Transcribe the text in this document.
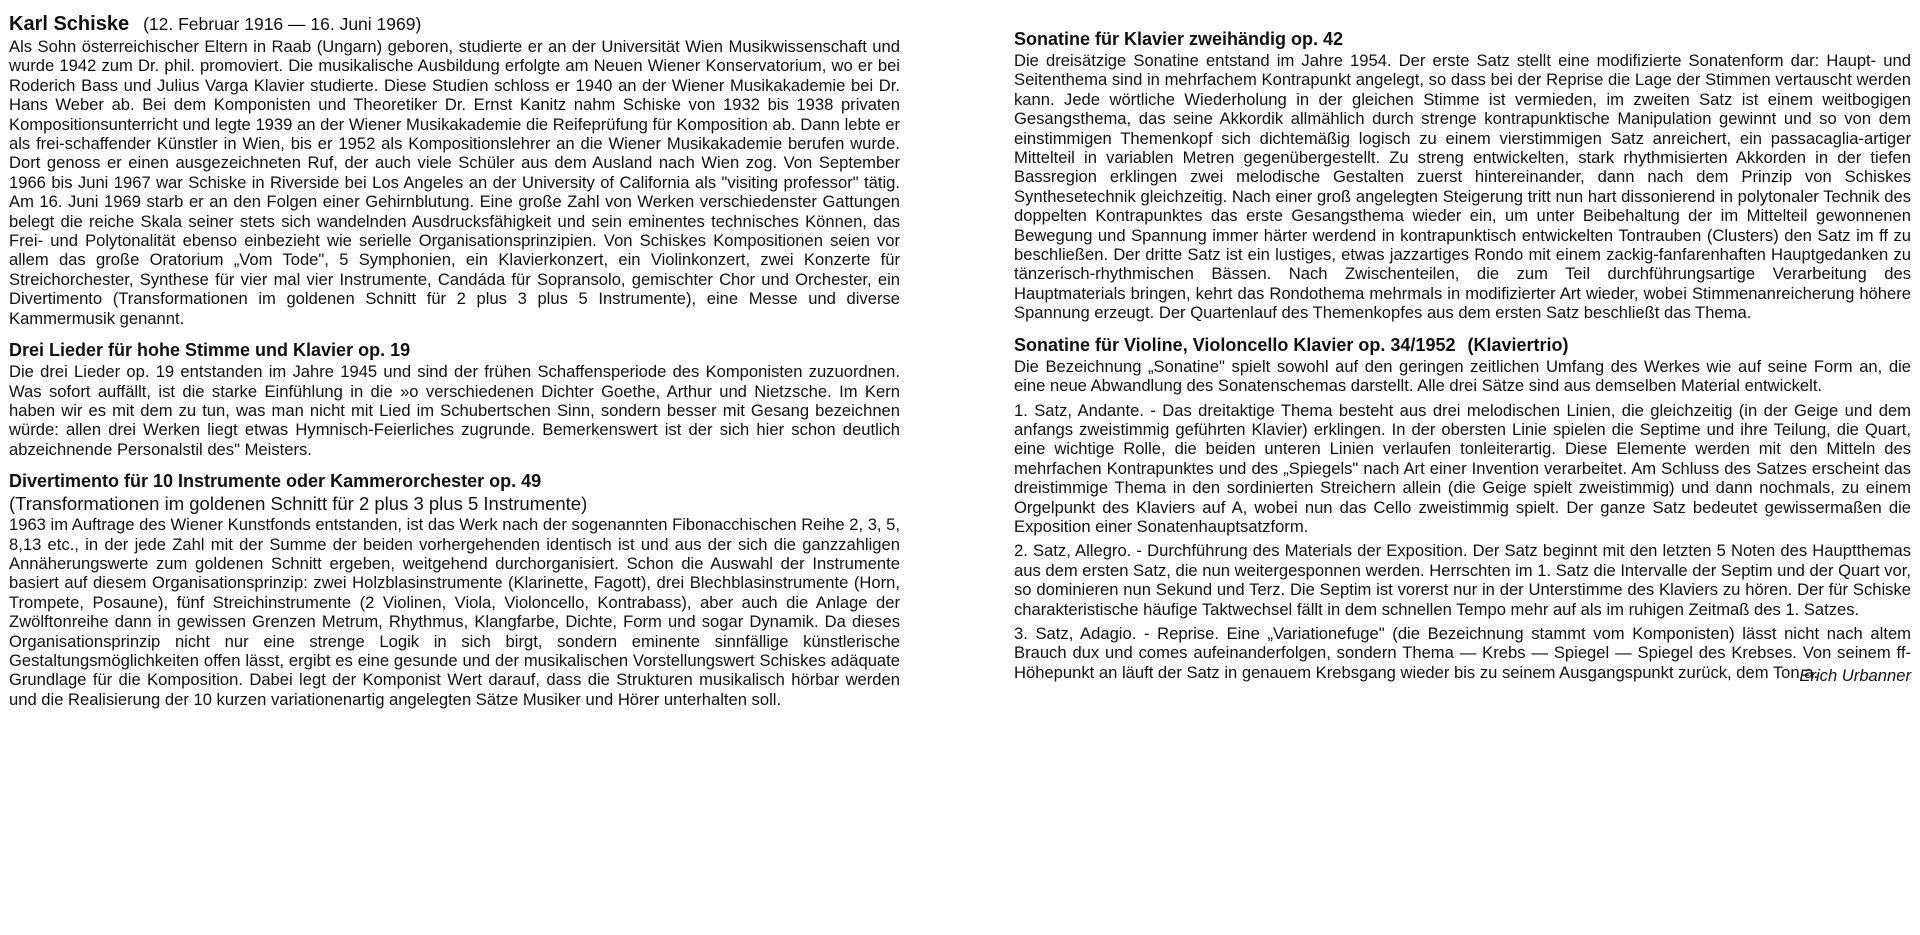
Karl Schiske (12. Februar 1916 — 16. Juni 1969)

Als Sohn österreichischer Eltern in Raab (Ungarn) geboren, studierte er an der Universität Wien Musikwissenschaft und wurde 1942 zum Dr. phil. promoviert. Die musikalische Ausbildung erfolgte am Neuen Wiener Konservatorium, wo er bei Roderich Bass und Julius Varga Klavier studierte. Diese Studien schloss er 1940 an der Wiener Musikakademie bei Dr. Hans Weber ab. Bei dem Komponisten und Theoretiker Dr. Ernst Kanitz nahm Schiske von 1932 bis 1938 privaten Kompositionsunterricht und legte 1939 an der Wiener Musikakademie die Reifeprüfung für Komposition ab. Dann lebte er als frei-schaffender Künstler in Wien, bis er 1952 als Kompositionslehrer an die Wiener Musikakademie berufen wurde. Dort genoss er einen ausgezeichneten Ruf, der auch viele Schüler aus dem Ausland nach Wien zog. Von September 1966 bis Juni 1967 war Schiske in Riverside bei Los Angeles an der University of California als "visiting professor" tätig. Am 16. Juni 1969 starb er an den Folgen einer Gehirnblutung. Eine große Zahl von Werken verschiedenster Gattungen belegt die reiche Skala seiner stets sich wandelnden Ausdrucksfähigkeit und sein eminentes technisches Können, das Frei- und Polytonalität ebenso einbezieht wie serielle Organisationsprinzipien. Von Schiskes Kompositionen seien vor allem das große Oratorium „Vom Tode", 5 Symphonien, ein Klavierkonzert, ein Violinkonzert, zwei Konzerte für Streichorchester, Synthese für vier mal vier Instrumente, Candáda für Sopransolo, gemischter Chor und Orchester, ein Divertimento (Transformationen im goldenen Schnitt für 2 plus 3 plus 5 Instrumente), eine Messe und diverse Kammermusik genannt.

Drei Lieder für hohe Stimme und Klavier op. 19

Die drei Lieder op. 19 entstanden im Jahre 1945 und sind der frühen Schaffensperiode des Komponisten zuzuordnen. Was sofort auffällt, ist die starke Einfühlung in die »o verschiedenen Dichter Goethe, Arthur und Nietzsche. Im Kern haben wir es mit dem zu tun, was man nicht mit Lied im Schubertschen Sinn, sondern besser mit Gesang bezeichnen würde: allen drei Werken liegt etwas Hymnisch-Feierliches zugrunde. Bemerkenswert ist der sich hier schon deutlich abzeichnende Personalstil des" Meisters.

Divertimento für 10 Instrumente oder Kammerorchester op. 49
(Transformationen im goldenen Schnitt für 2 plus 3 plus 5 Instrumente)

1963 im Auftrage des Wiener Kunstfonds entstanden, ist das Werk nach der sogenannten Fibonacchischen Reihe 2, 3, 5, 8,13 etc., in der jede Zahl mit der Summe der beiden vorhergehenden identisch ist und aus der sich die ganzzahligen Annäherungswerte zum goldenen Schnitt ergeben, weitgehend durchorganisiert. Schon die Auswahl der Instrumente basiert auf diesem Organisationsprinzip: zwei Holzblasinstrumente (Klarinette, Fagott), drei Blechblasinstrumente (Horn, Trompete, Posaune), fünf Streichinstrumente (2 Violinen, Viola, Violoncello, Kontrabass), aber auch die Anlage der Zwölftonreihe dann in gewissen Grenzen Metrum, Rhythmus, Klangfarbe, Dichte, Form und sogar Dynamik. Da dieses Organisationsprinzip nicht nur eine strenge Logik in sich birgt, sondern eminente sinnfällige künstlerische Gestaltungsmöglichkeiten offen lässt, ergibt es eine gesunde und der musikalischen Vorstellungswert Schiskes adäquate Grundlage für die Komposition. Dabei legt der Komponist Wert darauf, dass die Strukturen musikalisch hörbar werden und die Realisierung der 10 kurzen variationenartig angelegten Sätze Musiker und Hörer unterhalten soll.

Sonatine für Klavier zweihändig op. 42

Die dreisätzige Sonatine entstand im Jahre 1954. Der erste Satz stellt eine modifizierte Sonatenform dar: Haupt- und Seitenthema sind in mehrfachem Kontrapunkt angelegt, so dass bei der Reprise die Lage der Stimmen vertauscht werden kann. Jede wörtliche Wiederholung in der gleichen Stimme ist vermieden, im zweiten Satz ist einem weitbogigen Gesangsthema, das seine Akkordik allmählich durch strenge kontrapunktische Manipulation gewinnt und so von dem einstimmigen Themenkopf sich dichtemäßig logisch zu einem vierstimmigen Satz anreichert, ein passacaglia-artiger Mittelteil in variablen Metren gegenübergestellt. Zu streng entwickelten, stark rhythmisierten Akkorden in der tiefen Bassregion erklingen zwei melodische Gestalten zuerst hintereinander, dann nach dem Prinzip von Schiskes Synthesetechnik gleichzeitig. Nach einer groß angelegten Steigerung tritt nun hart dissonierend in polytonaler Technik des doppelten Kontrapunktes das erste Gesangsthema wieder ein, um unter Beibehaltung der im Mittelteil gewonnenen Bewegung und Spannung immer härter werdend in kontrapunktisch entwickelten Tontrauben (Clusters) den Satz im ff zu beschließen. Der dritte Satz ist ein lustiges, etwas jazzartiges Rondo mit einem zackig-fanfarenhaften Hauptgedanken zu tänzerisch-rhythmischen Bässen. Nach Zwischenteilen, die zum Teil durchführungsartige Verarbeitung des Hauptmaterials bringen, kehrt das Rondothema mehrmals in modifizierter Art wieder, wobei Stimmenanreicherung höhere Spannung erzeugt. Der Quartenlauf des Themenkopfes aus dem ersten Satz beschließt das Thema.

Sonatine für Violine, Violoncello Klavier op. 34/1952 (Klaviertrio)

Die Bezeichnung „Sonatine" spielt sowohl auf den geringen zeitlichen Umfang des Werkes wie auf seine Form an, die eine neue Abwandlung des Sonatenschemas darstellt. Alle drei Sätze sind aus demselben Material entwickelt.

1. Satz, Andante. - Das dreitaktige Thema besteht aus drei melodischen Linien, die gleichzeitig (in der Geige und dem anfangs zweistimmig geführten Klavier) erklingen. In der obersten Linie spielen die Septime und ihre Teilung, die Quart, eine wichtige Rolle, die beiden unteren Linien verlaufen tonleiterartig. Diese Elemente werden mit den Mitteln des mehrfachen Kontrapunktes und des „Spiegels" nach Art einer Invention verarbeitet. Am Schluss des Satzes erscheint das dreistimmige Thema in den sordinierten Streichern allein (die Geige spielt zweistimmig) und dann nochmals, zu einem Orgelpunkt des Klaviers auf A, wobei nun das Cello zweistimmig spielt. Der ganze Satz bedeutet gewissermaßen die Exposition einer Sonatenhauptsatzform.

2. Satz, Allegro. - Durchführung des Materials der Exposition. Der Satz beginnt mit den letzten 5 Noten des Hauptthemas aus dem ersten Satz, die nun weitergesponnen werden. Herrschten im 1. Satz die Intervalle der Septim und der Quart vor, so dominieren nun Sekund und Terz. Die Septim ist vorerst nur in der Unterstimme des Klaviers zu hören. Der für Schiske charakteristische häufige Taktwechsel fällt in dem schnellen Tempo mehr auf als im ruhigen Zeitmaß des 1. Satzes.

3. Satz, Adagio. - Reprise. Eine „Variationefuge" (die Bezeichnung stammt vom Komponisten) lässt nicht nach altem Brauch dux und comes aufeinanderfolgen, sondern Thema — Krebs — Spiegel — Spiegel des Krebses. Von seinem ff-Höhepunkt an läuft der Satz in genauem Krebsgang wieder bis zu seinem Ausgangspunkt zurück, dem Ton a.

Erich Urbanner
